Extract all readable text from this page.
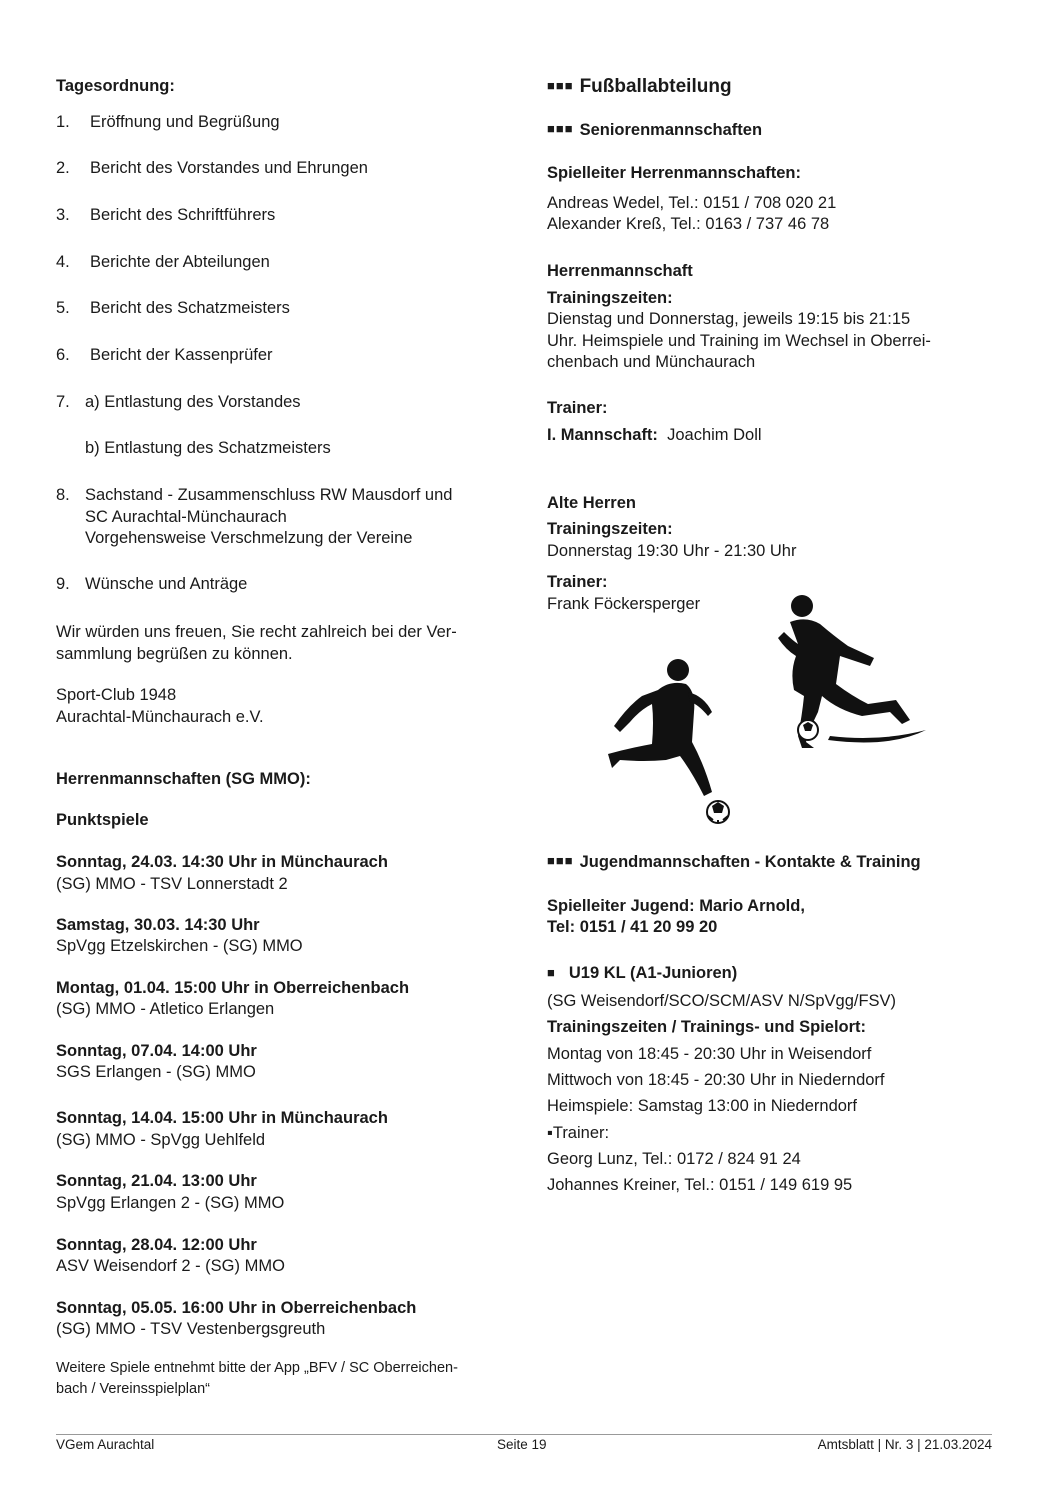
Tagesordnung:
1. Eröffnung und Begrüßung
2. Bericht des Vorstandes und Ehrungen
3. Bericht des Schriftführers
4. Berichte der Abteilungen
5. Bericht des Schatzmeisters
6. Bericht der Kassenprüfer
7. a) Entlastung des Vorstandes
b) Entlastung des Schatzmeisters
8. Sachstand - Zusammenschluss RW Mausdorf und
SC Aurachtal-Münchaurach
Vorgehensweise Verschmelzung der Vereine
9. Wünsche und Anträge
Wir würden uns freuen, Sie recht zahlreich bei der Ver-
sammlung begrüßen zu können.
Sport-Club 1948
Aurachtal-Münchaurach e.V.
Herrenmannschaften (SG MMO):
Punktspiele
Sonntag, 24.03. 14:30 Uhr in Münchaurach
(SG) MMO - TSV Lonnerstadt 2
Samstag, 30.03. 14:30 Uhr
SpVgg Etzelskirchen - (SG) MMO
Montag, 01.04. 15:00 Uhr in Oberreichenbach
(SG) MMO - Atletico Erlangen
Sonntag, 07.04. 14:00 Uhr
SGS Erlangen - (SG) MMO
Sonntag, 14.04. 15:00 Uhr in Münchaurach
(SG) MMO - SpVgg Uehlfeld
Sonntag, 21.04. 13:00 Uhr
SpVgg Erlangen 2 - (SG) MMO
Sonntag, 28.04. 12:00 Uhr
ASV Weisendorf 2 - (SG) MMO
Sonntag, 05.05. 16:00 Uhr in Oberreichenbach
(SG) MMO - TSV Vestenbergsgreuth
Weitere Spiele entnehmt bitte der App „BFV / SC Oberreichen-
bach / Vereinsspielplan“
■■■ Fußballabteilung
■■■ Seniorenmannschaften
Spielleiter Herrenmannschaften:
Andreas Wedel, Tel.: 0151 / 708 020 21
Alexander Kreß, Tel.: 0163 / 737 46 78
Herrenmannschaft
Trainingszeiten:
Dienstag und Donnerstag, jeweils 19:15 bis 21:15
Uhr. Heimspiele und Training im Wechsel in Oberrei-
chenbach und Münchaurach
Trainer:
I. Mannschaft: Joachim Doll
Alte Herren
Trainingszeiten:
Donnerstag 19:30 Uhr - 21:30 Uhr
Trainer:
Frank Föckersperger
■■■ Jugendmannschaften - Kontakte & Training
Spielleiter Jugend: Mario Arnold,
Tel: 0151 / 41 20 99 20
■ U19 KL (A1-Junioren)
(SG Weisendorf/SCO/SCM/ASV N/SpVgg/FSV)
Trainingszeiten / Trainings- und Spielort:
Montag von 18:45 - 20:30 Uhr in Weisendorf
Mittwoch von 18:45 - 20:30 Uhr in Niederndorf
Heimspiele: Samstag 13:00 in Niederndorf
▪Trainer:
Georg Lunz, Tel.: 0172 / 824 91 24
Johannes Kreiner, Tel.: 0151 / 149 619 95
VGem Aurachtal	Seite 19	Amtsblatt | Nr. 3 | 21.03.2024
